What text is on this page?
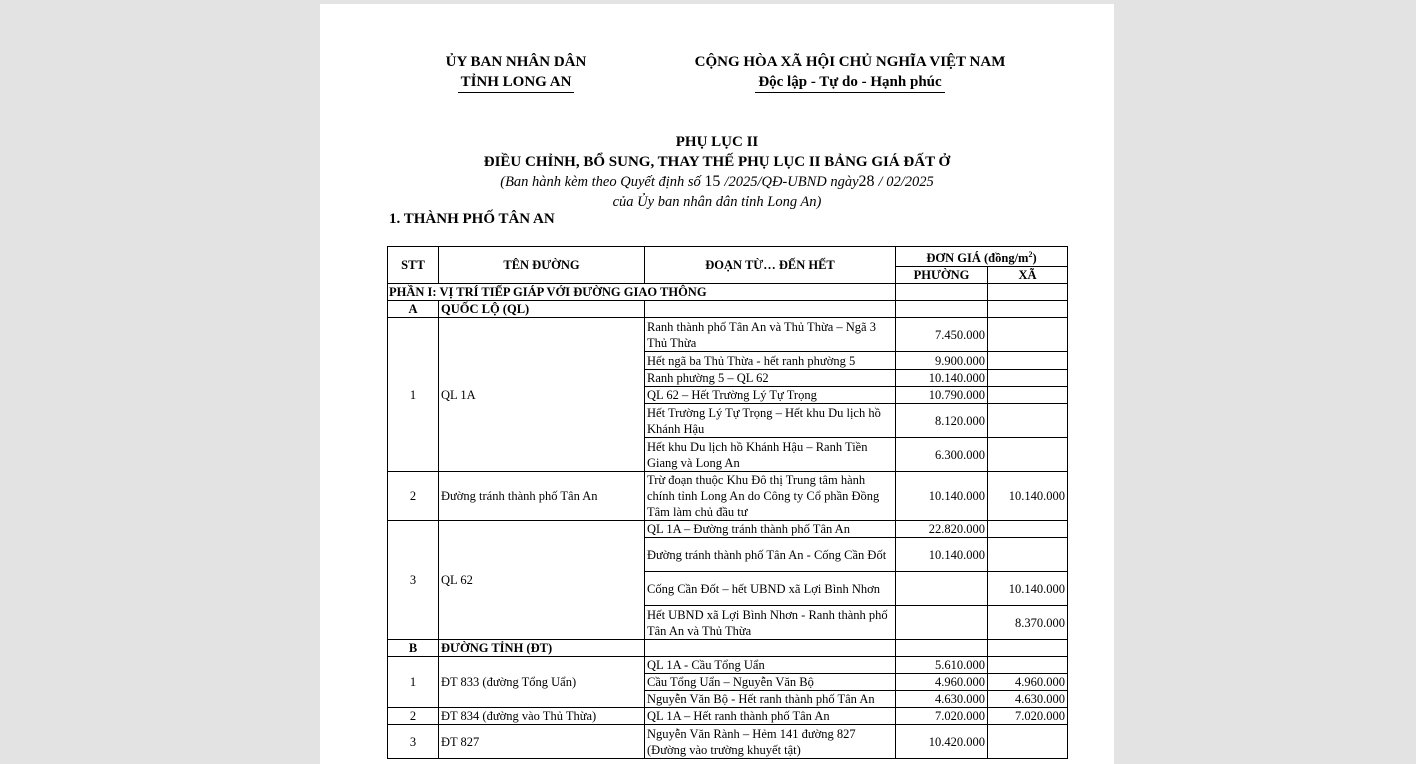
ỦY BAN NHÂN DÂN
TỈNH LONG AN
CỘNG HÒA XÃ HỘI CHỦ NGHĨA VIỆT NAM
Độc lập - Tự do - Hạnh phúc
PHỤ LỤC II
ĐIỀU CHỈNH, BỔ SUNG, THAY THẾ PHỤ LỤC II BẢNG GIÁ ĐẤT Ở
(Ban hành kèm theo Quyết định số 15 /2025/QĐ-UBND ngày28 / 02/2025
của Ủy ban nhân dân tỉnh Long An)
1. THÀNH PHỐ TÂN AN
STT	TÊN ĐƯỜNG	ĐOẠN TỪ… ĐẾN HẾT	ĐƠN GIÁ $(đồng/m^2)$	
			PHƯỜNG	XÃ
PHẦN I: VỊ TRÍ TIẾP GIÁP VỚI ĐƯỜNG GIAO THÔNG				
A	QUỐC LỘ (QL)			
1	QL 1A	Ranh thành phố Tân An và Thủ Thừa – Ngã 3 Thủ Thừa	7.450.000	
		Hết ngã ba Thủ Thừa - hết ranh phường 5	9.900.000	
		Ranh phường 5 – QL 62	10.140.000	
		QL 62 – Hết Trường Lý Tự Trọng	10.790.000	
		Hết Trường Lý Tự Trọng – Hết khu Du lịch hồ Khánh Hậu	8.120.000	
		Hết khu Du lịch hồ Khánh Hậu – Ranh Tiền Giang và Long An	6.300.000	
2	Đường tránh thành phố Tân An	Trừ đoạn thuộc Khu Đô thị Trung tâm hành chính tỉnh Long An do Công ty Cổ phần Đồng Tâm làm chủ đầu tư	10.140.000	10.140.000
3	QL 62	QL 1A – Đường tránh thành phố Tân An	22.820.000	
		Đường tránh thành phố Tân An - Cống Cần Đốt	10.140.000	
		Cống Cần Đốt – hết UBND xã Lợi Bình Nhơn		10.140.000
		Hết UBND xã Lợi Bình Nhơn - Ranh thành phố Tân An và Thủ Thừa		8.370.000
B	ĐƯỜNG TỈNH (ĐT)			
1	ĐT 833 (đường Tổng Uẩn)	QL 1A - Cầu Tổng Uẩn	5.610.000	
		Cầu Tổng Uẩn – Nguyễn Văn Bộ	4.960.000	4.960.000
		Nguyễn Văn Bộ - Hết ranh thành phố Tân An	4.630.000	4.630.000
2	ĐT 834 (đường vào Thủ Thừa)	QL 1A – Hết ranh thành phố Tân An	7.020.000	7.020.000
3	ĐT 827	Nguyễn Văn Rành – Hẻm 141 đường 827 (Đường vào trường khuyết tật)	10.420.000	
